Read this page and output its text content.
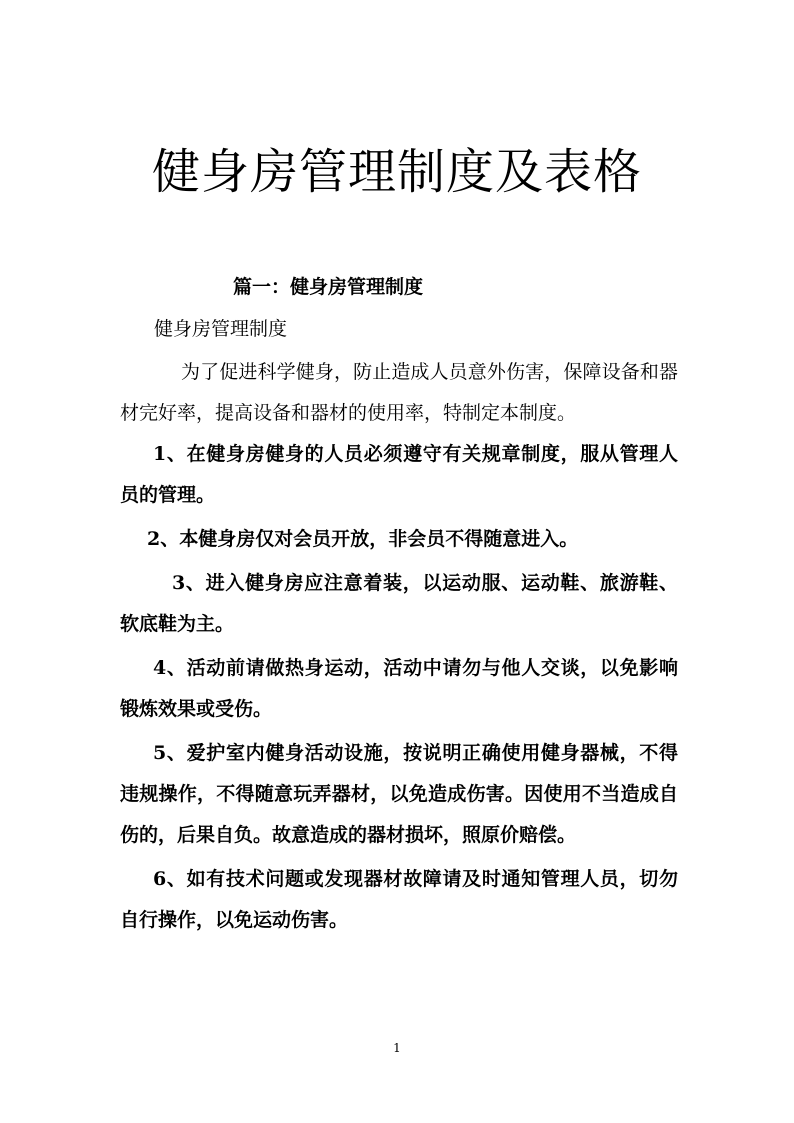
健身房管理制度及表格
篇一：健身房管理制度

健身房管理制度

为了促进科学健身，防止造成人员意外伤害，保障设备和器材完好率，提高设备和器材的使用率，特制定本制度。

1、在健身房健身的人员必须遵守有关规章制度，服从管理人员的管理。

2、本健身房仅对会员开放，非会员不得随意进入。

3、进入健身房应注意着装，以运动服、运动鞋、旅游鞋、软底鞋为主。

4、活动前请做热身运动，活动中请勿与他人交谈，以免影响锻炼效果或受伤。

5、爱护室内健身活动设施，按说明正确使用健身器械，不得违规操作，不得随意玩弄器材，以免造成伤害。因使用不当造成自伤的，后果自负。故意造成的器材损坏，照原价赔偿。

6、如有技术问题或发现器材故障请及时通知管理人员，切勿自行操作，以免运动伤害。

1
